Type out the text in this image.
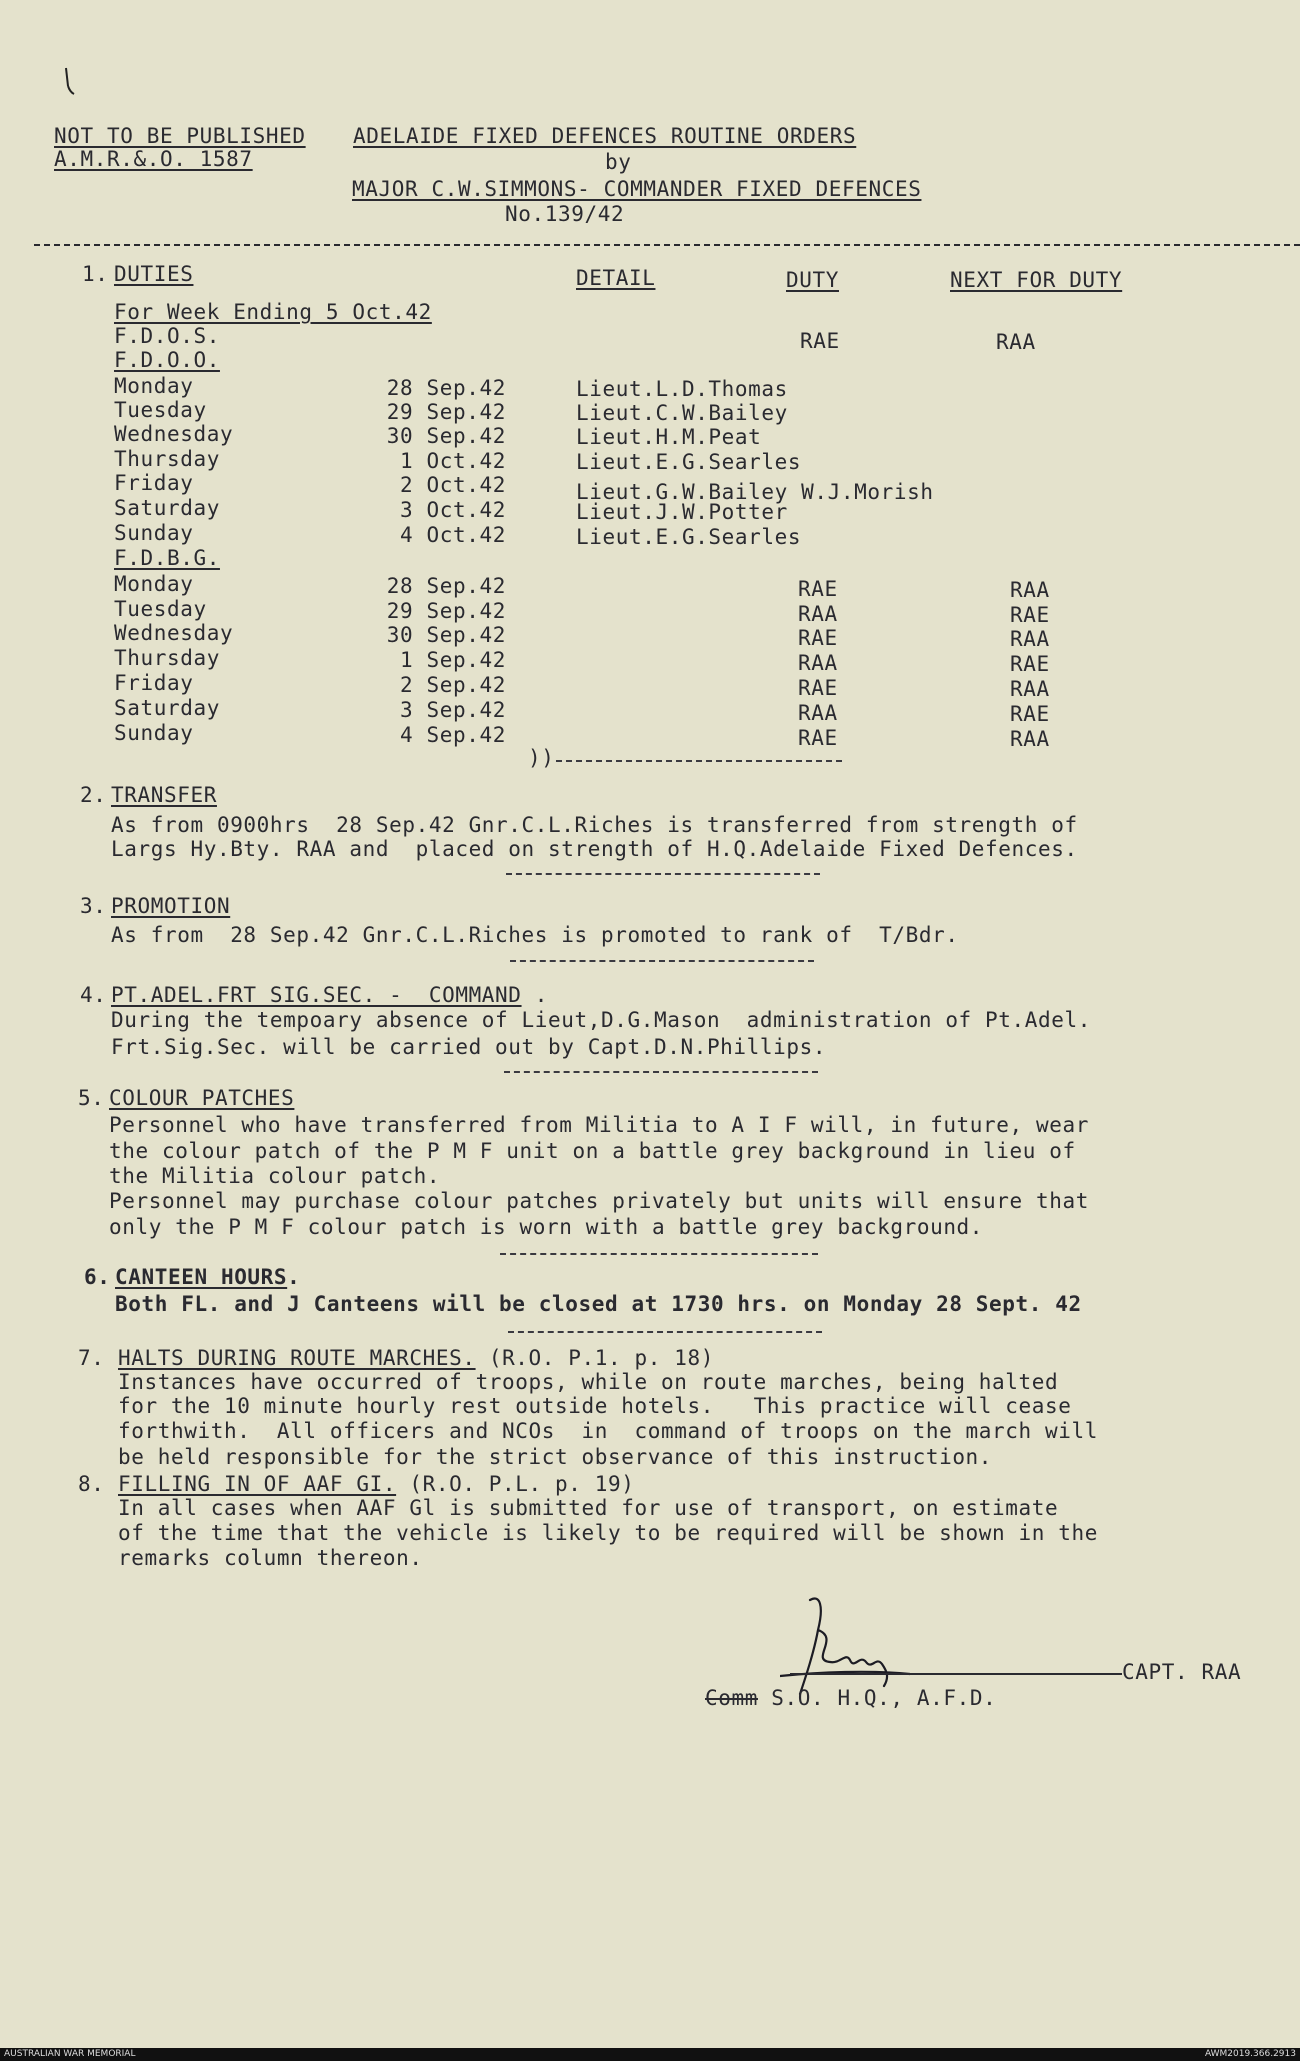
NOT TO BE PUBLISHED ADELAIDE FIXED DEFENCES ROUTINE ORDERS
A.M.R.&.O. 1587	by
MAJOR C.W.SIMMONS- COMMANDER FIXED DEFENCES
No.139/42
1. DUTIES	DETAIL	DUTY	NEXT FOR DUTY
For Week Ending 5 Oct.42
F.D.O.S.	RAE	RAA
F.D.O.O.
Monday	28 Sep.42	Lieut.L.D.Thomas
Tuesday	29 Sep.42	Lieut.C.W.Bailey
Wednesday	30 Sep.42	Lieut.H.M.Peat
Thursday	1 Oct.42	Lieut.E.G.Searles
Friday	2 Oct.42	Lieut.G.W.Bailey W.J.Morish
Saturday	3 Oct.42	Lieut.J.W.Potter
Sunday	4 Oct.42	Lieut.E.G.Searles
F.D.B.G.
Monday	28 Sep.42	RAE	RAA
Tuesday	29 Sep.42	RAA	RAE
Wednesday	30 Sep.42	RAE	RAA
Thursday	1 Sep.42	RAA	RAE
Friday	2 Sep.42	RAE	RAA
Saturday	3 Sep.42	RAA	RAE
Sunday	4 Sep.42	RAE	RAA
))
2. TRANSFER
As from 0900hrs  28 Sep.42 Gnr.C.L.Riches is transferred from strength of
Largs Hy.Bty. RAA and  placed on strength of H.Q.Adelaide Fixed Defences.
3. PROMOTION
As from  28 Sep.42 Gnr.C.L.Riches is promoted to rank of  T/Bdr.
4. PT.ADEL.FRT SIG.SEC. -  COMMAND .
During the tempoary absence of Lieut,D.G.Mason  administration of Pt.Adel.
Frt.Sig.Sec. will be carried out by Capt.D.N.Phillips.
5. COLOUR PATCHES
Personnel who have transferred from Militia to A I F will, in future, wear
the colour patch of the P M F unit on a battle grey background in lieu of
the Militia colour patch.
Personnel may purchase colour patches privately but units will ensure that
only the P M F colour patch is worn with a battle grey background.
6. CANTEEN HOURS.
Both FL. and J Canteens will be closed at 1730 hrs. on Monday 28 Sept. 42
7. HALTS DURING ROUTE MARCHES. (R.O. P.1. p. 18)
Instances have occurred of troops, while on route marches, being halted
for the 10 minute hourly rest outside hotels.   This practice will cease
forthwith.  All officers and NCOs  in  command of troops on the march will
be held responsible for the strict observance of this instruction.
8. FILLING IN OF AAF GI. (R.O. P.L. p. 19)
In all cases when AAF Gl is submitted for use of transport, on estimate
of the time that the vehicle is likely to be required will be shown in the
remarks column thereon.
CAPT. RAA
Comm S.O. H.Q., A.F.D.
AUSTRALIAN WAR MEMORIAL	AWM2019.366.2913
